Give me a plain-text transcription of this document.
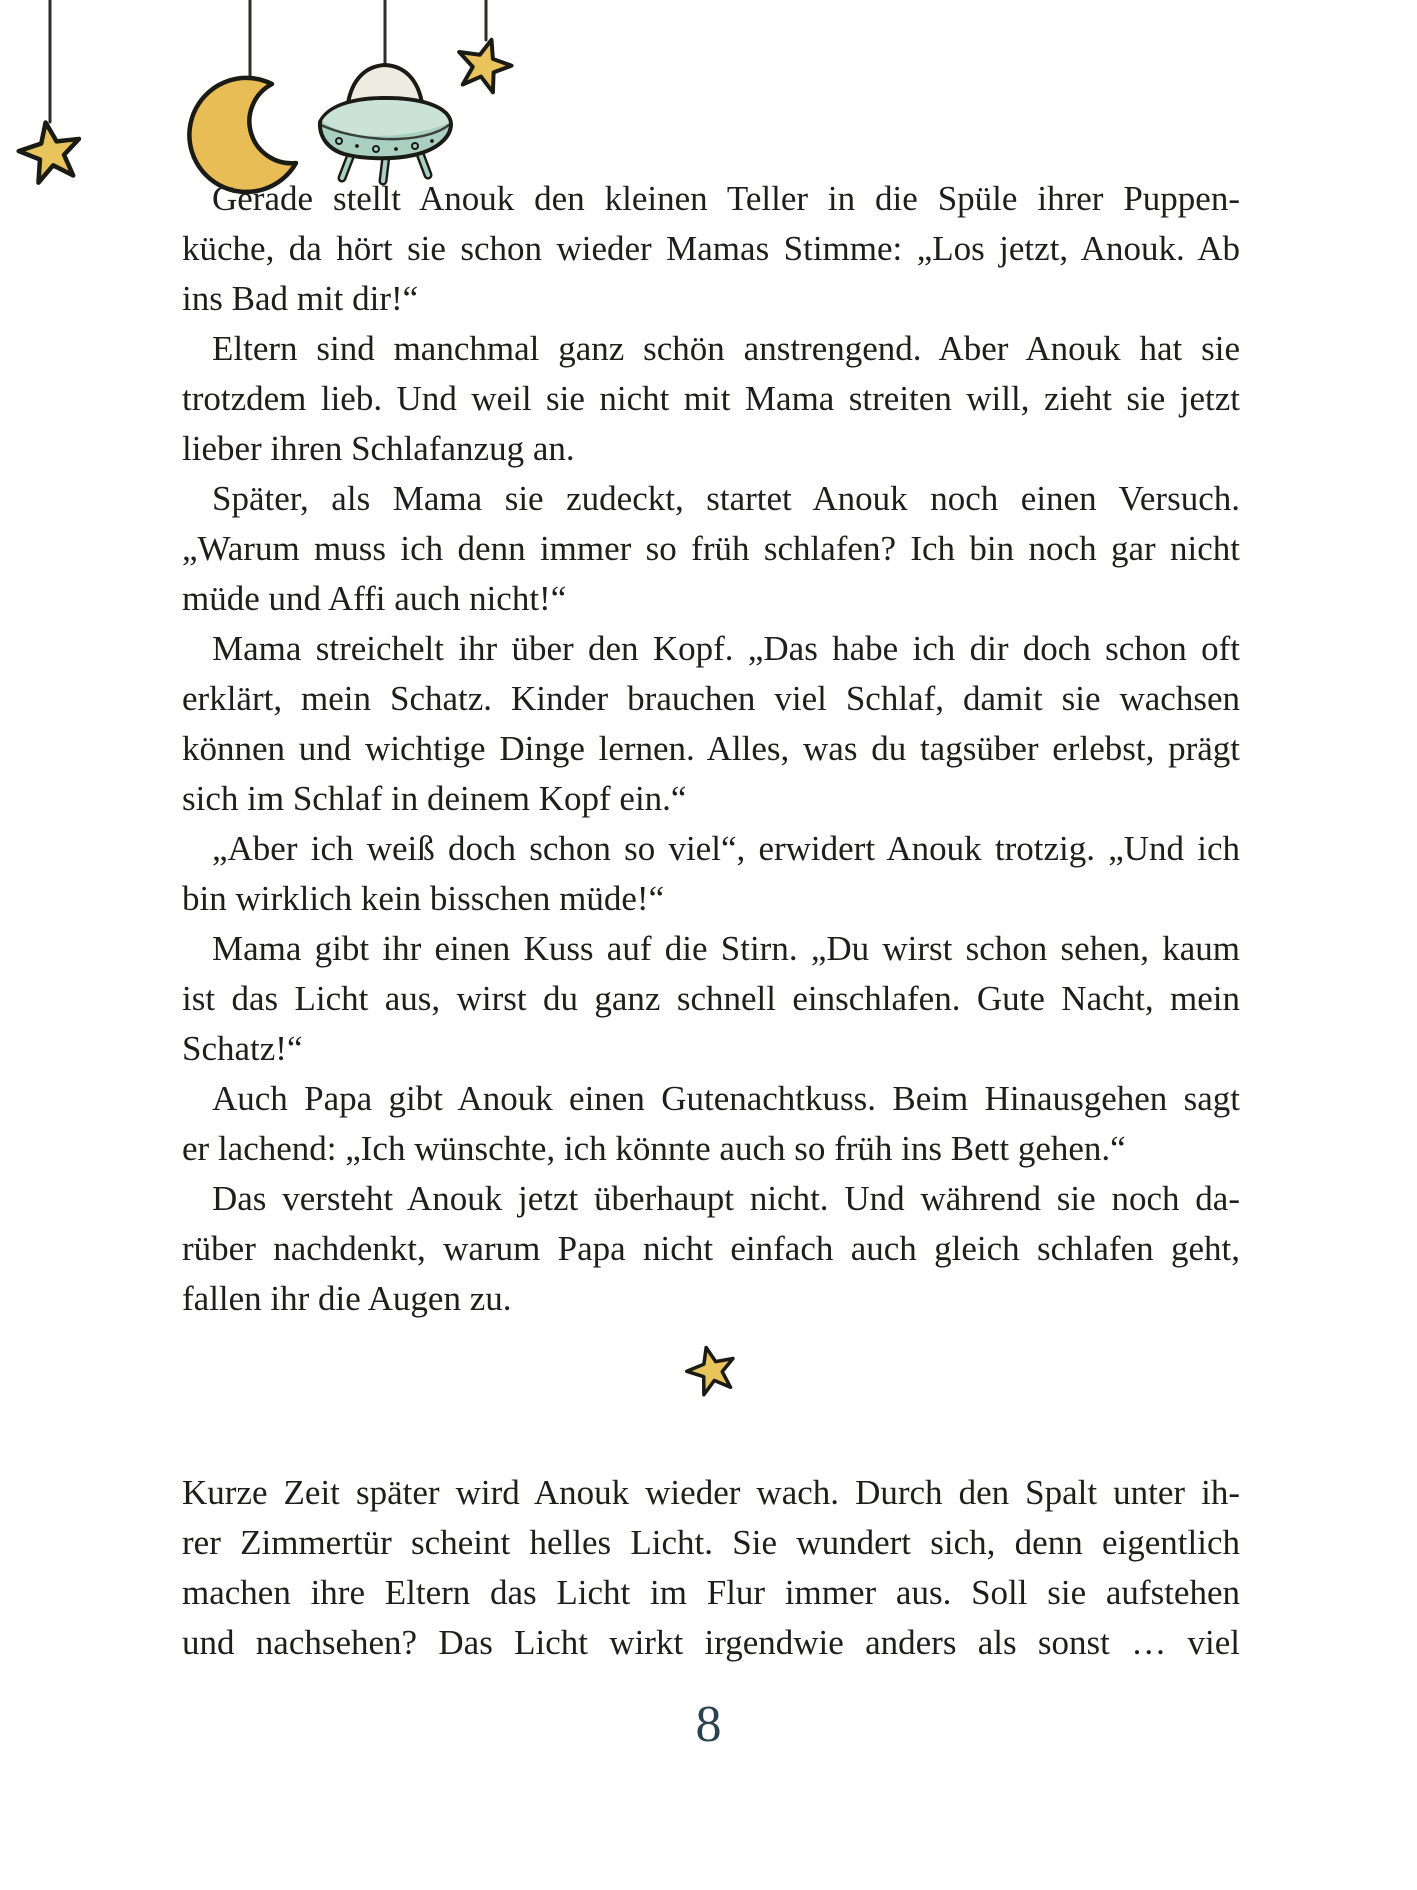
Gerade stellt Anouk den kleinen Teller in die Spüle ihrer Puppen-
küche, da hört sie schon wieder Mamas Stimme: „Los jetzt, Anouk. Ab
ins Bad mit dir!“
Eltern sind manchmal ganz schön anstrengend. Aber Anouk hat sie
trotzdem lieb. Und weil sie nicht mit Mama streiten will, zieht sie jetzt
lieber ihren Schlafanzug an.
Später, als Mama sie zudeckt, startet Anouk noch einen Versuch.
„Warum muss ich denn immer so früh schlafen? Ich bin noch gar nicht
müde und Affi auch nicht!“
Mama streichelt ihr über den Kopf. „Das habe ich dir doch schon oft
erklärt, mein Schatz. Kinder brauchen viel Schlaf, damit sie wachsen
können und wichtige Dinge lernen. Alles, was du tagsüber erlebst, prägt
sich im Schlaf in deinem Kopf ein.“
„Aber ich weiß doch schon so viel“, erwidert Anouk trotzig. „Und ich
bin wirklich kein bisschen müde!“
Mama gibt ihr einen Kuss auf die Stirn. „Du wirst schon sehen, kaum
ist das Licht aus, wirst du ganz schnell einschlafen. Gute Nacht, mein
Schatz!“
Auch Papa gibt Anouk einen Gutenachtkuss. Beim Hinausgehen sagt
er lachend: „Ich wünschte, ich könnte auch so früh ins Bett gehen.“
Das versteht Anouk jetzt überhaupt nicht. Und während sie noch da-
rüber nachdenkt, warum Papa nicht einfach auch gleich schlafen geht,
fallen ihr die Augen zu.
Kurze Zeit später wird Anouk wieder wach. Durch den Spalt unter ih-
rer Zimmertür scheint helles Licht. Sie wundert sich, denn eigentlich
machen ihre Eltern das Licht im Flur immer aus. Soll sie aufstehen
und nachsehen? Das Licht wirkt irgendwie anders als sonst … viel
8
